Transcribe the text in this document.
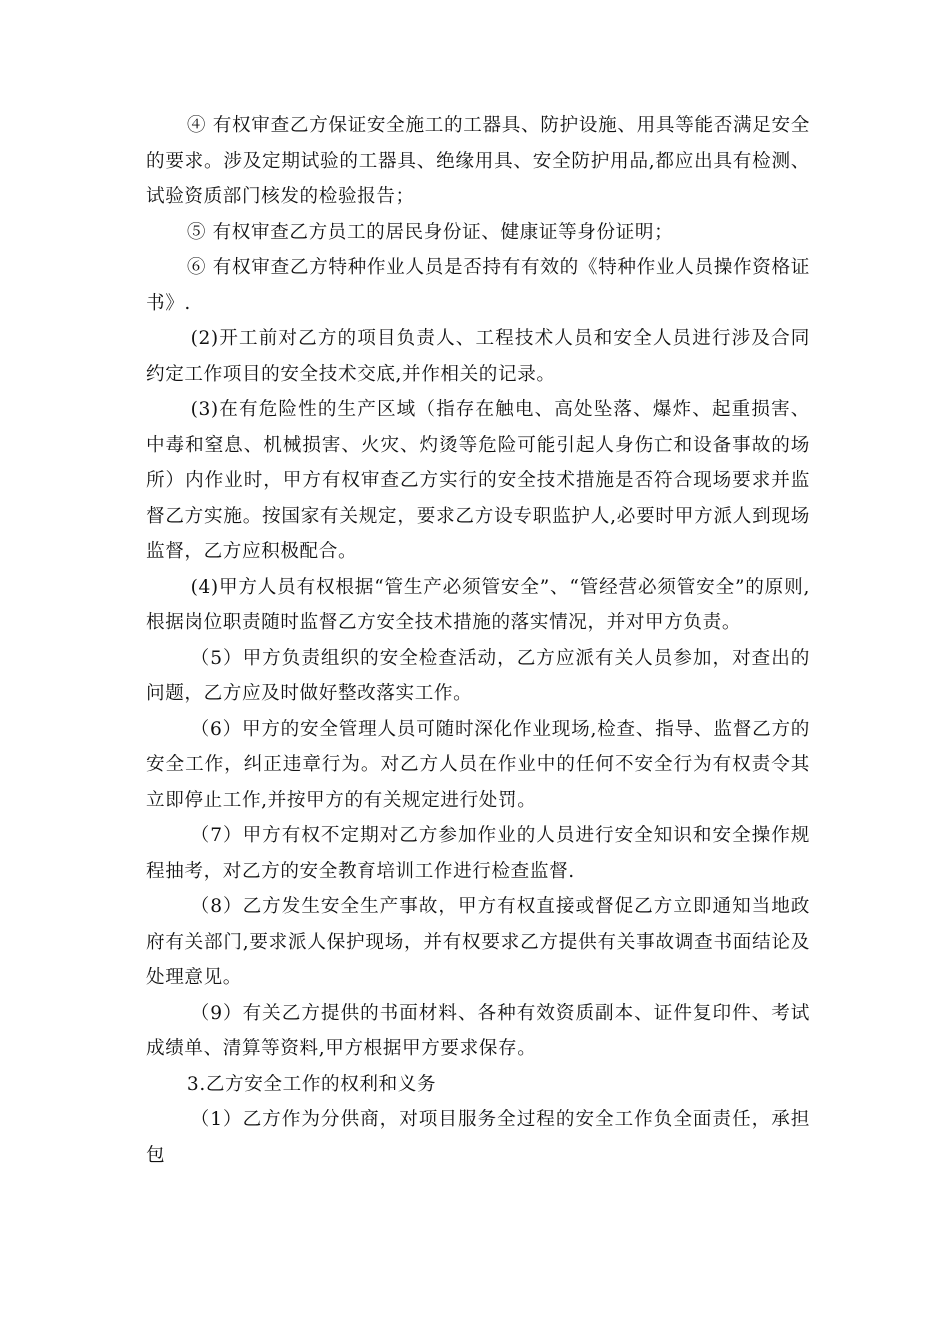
④ 有权审查乙方保证安全施工的工器具、防护设施、用具等能否满足安全的要求。涉及定期试验的工器具、绝缘用具、安全防护用品,都应出具有检测、试验资质部门核发的检验报告；

⑤ 有权审查乙方员工的居民身份证、健康证等身份证明；

⑥ 有权审查乙方特种作业人员是否持有有效的《特种作业人员操作资格证书》.

(2)开工前对乙方的项目负责人、工程技术人员和安全人员进行涉及合同约定工作项目的安全技术交底,并作相关的记录。

(3)在有危险性的生产区域（指存在触电、高处坠落、爆炸、起重损害、中毒和窒息、机械损害、火灾、灼烫等危险可能引起人身伤亡和设备事故的场所）内作业时，甲方有权审查乙方实行的安全技术措施是否符合现场要求并监督乙方实施。按国家有关规定，要求乙方设专职监护人,必要时甲方派人到现场监督，乙方应积极配合。

(4)甲方人员有权根据“管生产必须管安全”、“管经营必须管安全”的原则,根据岗位职责随时监督乙方安全技术措施的落实情况，并对甲方负责。

（5）甲方负责组织的安全检查活动，乙方应派有关人员参加，对查出的问题，乙方应及时做好整改落实工作。

（6）甲方的安全管理人员可随时深化作业现场,检查、指导、监督乙方的安全工作，纠正违章行为。对乙方人员在作业中的任何不安全行为有权责令其立即停止工作,并按甲方的有关规定进行处罚。

（7）甲方有权不定期对乙方参加作业的人员进行安全知识和安全操作规程抽考，对乙方的安全教育培训工作进行检查监督.

（8）乙方发生安全生产事故，甲方有权直接或督促乙方立即通知当地政府有关部门,要求派人保护现场，并有权要求乙方提供有关事故调查书面结论及处理意见。

（9）有关乙方提供的书面材料、各种有效资质副本、证件复印件、考试成绩单、清算等资料,甲方根据甲方要求保存。

3.乙方安全工作的权利和义务

（1）乙方作为分供商，对项目服务全过程的安全工作负全面责任，承担包
